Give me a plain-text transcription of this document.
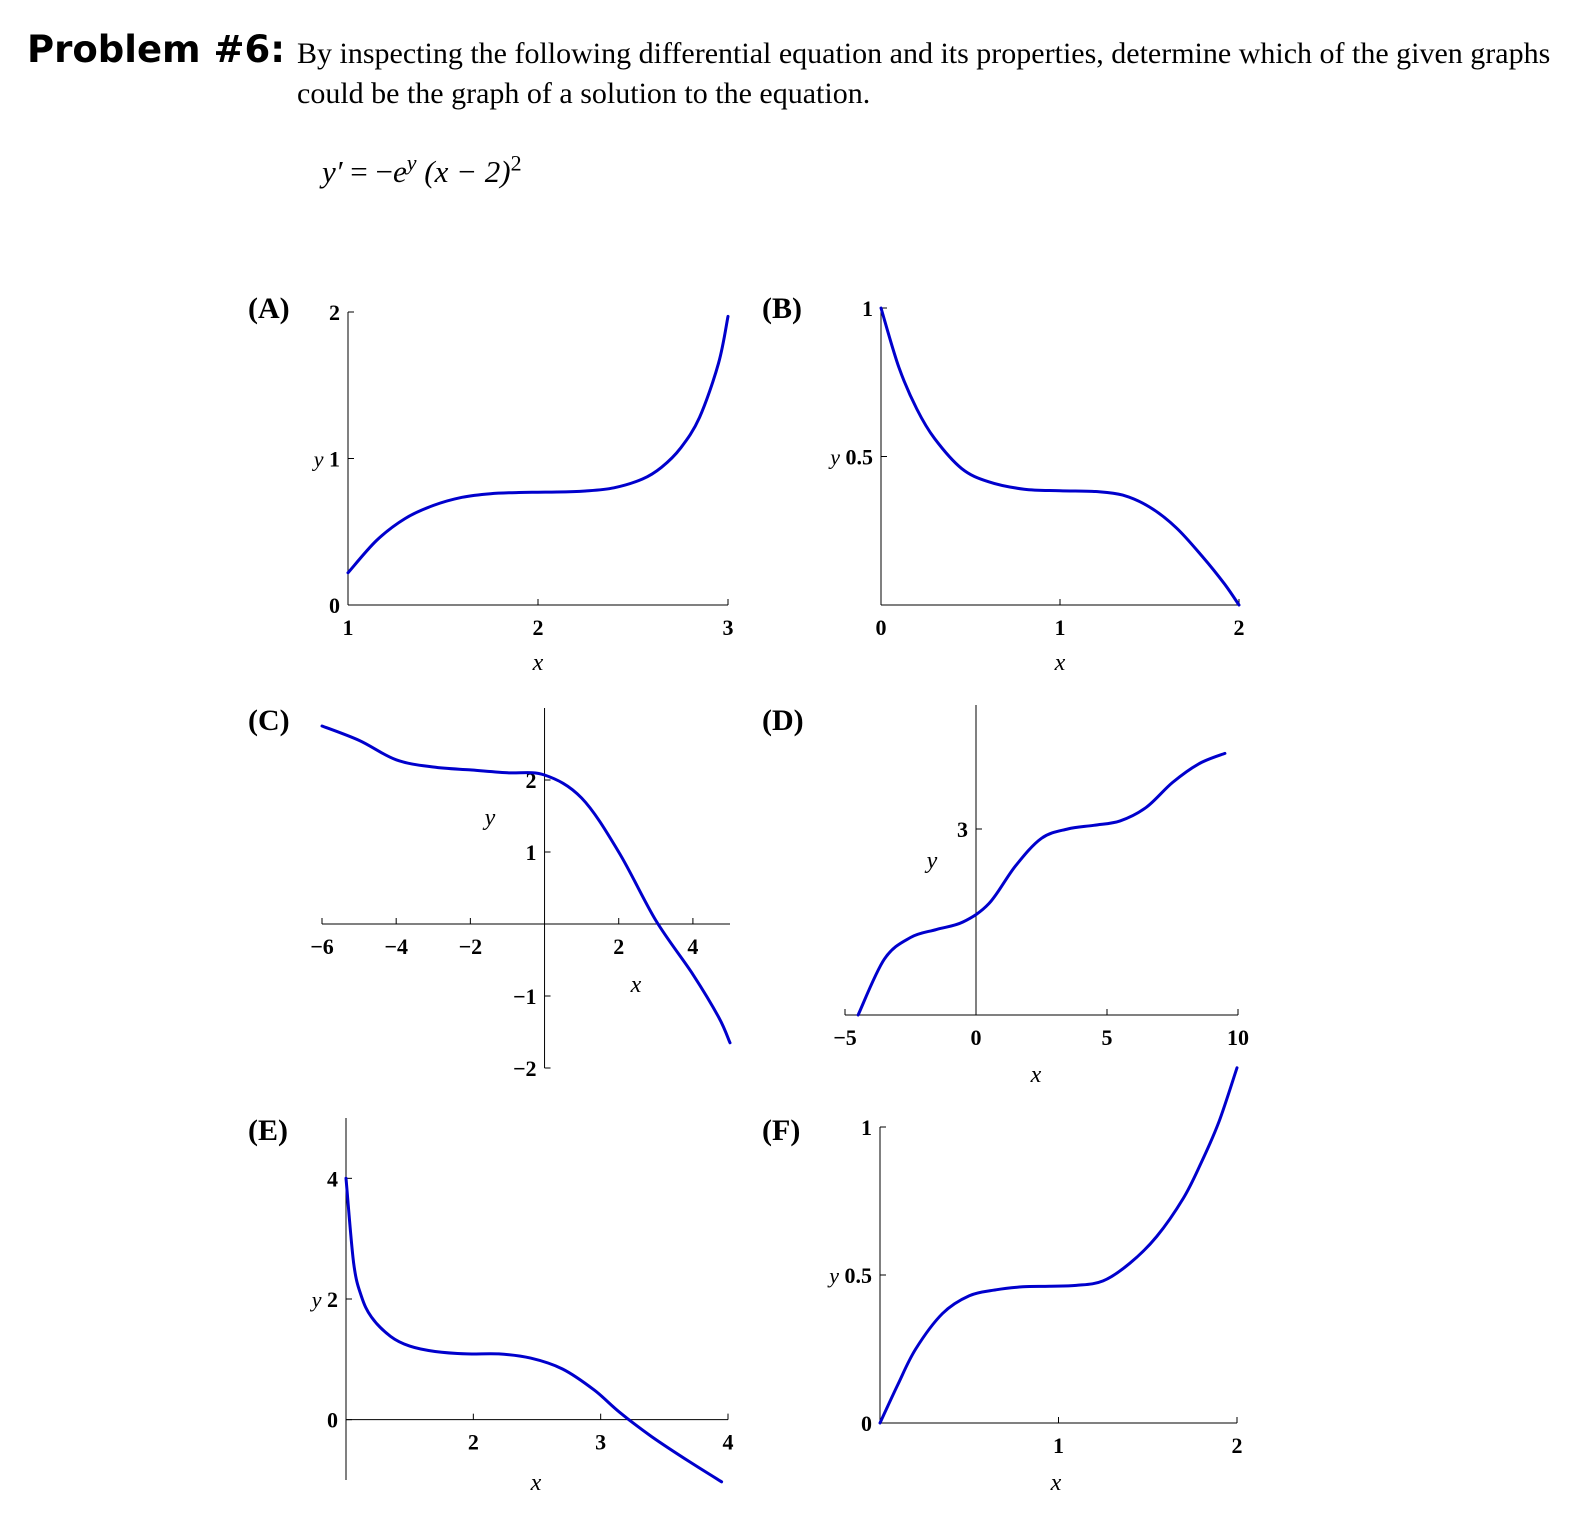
Problem #6: By inspecting the following differential equation and its properties, determine which of the given graphs could be the graph of a solution to the equation.
$y' = -e^y$ $(x - 2)^2$
(A)
1	2	3
0
y 1
2
x
(B)
0	1	2
y 0.5
1
x
(C)
−6 −4 −2	2	4
−2
−1
1
2
x
y
(D)
−5	0	5	10
3
x
y
(E)
2	3	4
0
y 2
4
x
(F)
1	2
0
y 0.5
1
x
